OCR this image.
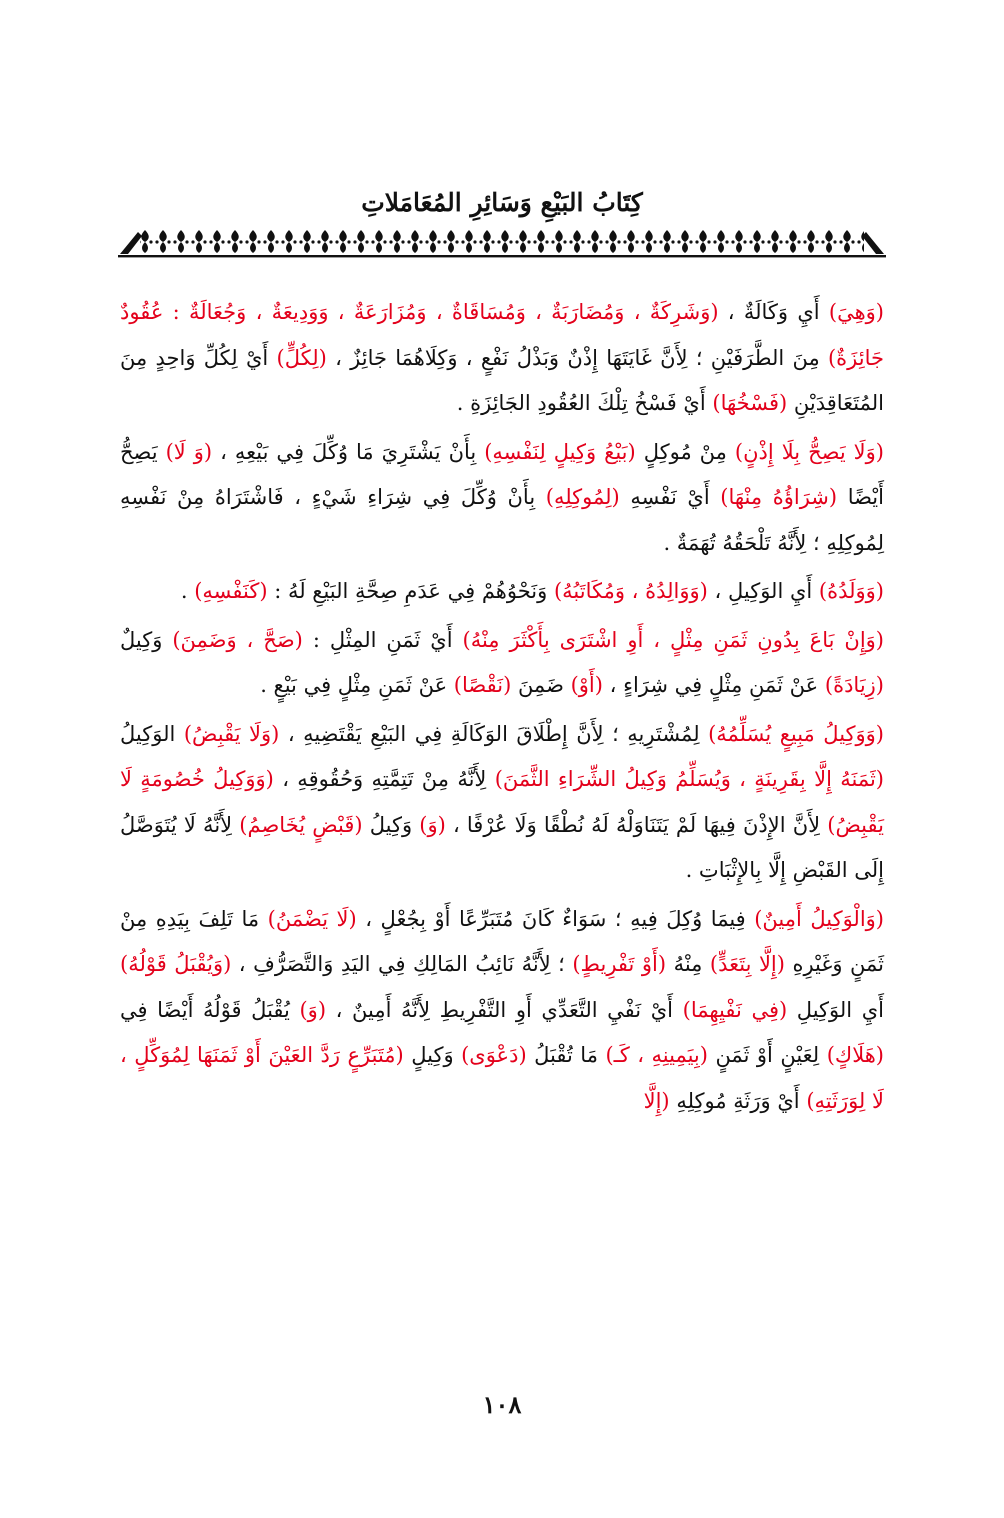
كِتَابُ البَيْعِ وَسَائِرِ المُعَامَلاتِ

(وَهِيَ) أَيِ وَكَالَةٌ ، (وَشَرِكَةٌ ، وَمُضَارَبَةٌ ، وَمُسَاقَاةٌ ، وَمُزَارَعَةٌ ، وَوَدِيعَةٌ ، وَجُعَالَةٌ : عُقُودٌ جَائِزَةٌ) مِنَ الطَّرَفَيْنِ ؛ لِأَنَّ غَايَتَهَا إِذْنٌ وَبَذْلُ نَفْعٍ ، وَكِلَاهُمَا جَائِزٌ ، (لِكُلٍّ) أَيْ لِكُلِّ وَاحِدٍ مِنَ المُتَعَاقِدَيْنِ (فَسْخُهَا) أَيْ فَسْخُ تِلْكَ العُقُودِ الجَائِزَةِ .

(وَلَا يَصِحُّ بِلَا إِذْنٍ) مِنْ مُوكِلٍ (بَيْعُ وَكِيلٍ لِنَفْسِهِ) بِأَنْ يَشْتَرِيَ مَا وُكِّلَ فِي بَيْعِهِ ، (وَ لَا) يَصِحُّ أَيْضًا (شِرَاؤُهُ مِنْهَا) أَيْ نَفْسِهِ (لِمُوكِلِهِ) بِأَنْ وُكِّلَ فِي شِرَاءِ شَيْءٍ ، فَاشْتَرَاهُ مِنْ نَفْسِهِ لِمُوكِلِهِ ؛ لِأَنَّهُ تَلْحَقُهُ تُهَمَةٌ .

(وَوَلَدُهُ) أَيِ الوَكِيلِ ، (وَوَالِدُهُ ، وَمُكَاتَبُهُ) وَنَحْوُهُمْ فِي عَدَمِ صِحَّةِ البَيْعِ لَهُ : (كَنَفْسِهِ) .

(وَإِنْ بَاعَ بِدُونِ ثَمَنِ مِثْلٍ ، أَوِ اشْتَرَى بِأَكْثَرَ مِنْهُ) أَيْ ثَمَنِ المِثْلِ : (صَحَّ ، وَضَمِنَ) وَكِيلٌ (زِيَادَةً) عَنْ ثَمَنِ مِثْلٍ فِي شِرَاءٍ ، (أَوْ) ضَمِنَ (نَقْصًا) عَنْ ثَمَنِ مِثْلٍ فِي بَيْعٍ .

(وَوَكِيلُ مَبِيعٍ يُسَلِّمُهُ) لِمُشْتَرِيهِ ؛ لِأَنَّ إِطْلَاقَ الوَكَالَةِ فِي البَيْعِ يَقْتَضِيهِ ، (وَلَا يَقْبِضُ) الوَكِيلُ (ثَمَنَهُ إِلَّا بِقَرِينَةٍ ، وَيُسَلِّمُ وَكِيلُ الشِّرَاءِ الثَّمَنَ) لِأَنَّهُ مِنْ تَتِمَّتِهِ وَحُقُوقِهِ ، (وَوَكِيلُ خُصُومَةٍ لَا يَقْبِضُ) لِأَنَّ الإِذْنَ فِيهَا لَمْ يَتَنَاوَلْهُ لَهُ نُطْقًا وَلَا عُرْفًا ، (وَ) وَكِيلُ (قَبْضٍ يُخَاصِمُ) لِأَنَّهُ لَا يُتَوَصَّلُ إِلَى القَبْضِ إِلَّا بِالإِثْبَاتِ .

(وَالْوَكِيلُ أَمِينٌ) فِيمَا وُكِلَ فِيهِ ؛ سَوَاءٌ كَانَ مُتَبَرِّعًا أَوْ بِجُعْلٍ ، (لَا يَضْمَنُ) مَا تَلِفَ بِيَدِهِ مِنْ ثَمَنٍ وَغَيْرِهِ (إِلَّا بِتَعَدٍّ) مِنْهُ (أَوْ تَفْرِيطٍ) ؛ لِأَنَّهُ نَائِبُ المَالِكِ فِي اليَدِ وَالتَّصَرُّفِ ، (وَيُقْبَلُ قَوْلُهُ) أَيِ الوَكِيلِ (فِي نَفْيِهِمَا) أَيْ نَفْيِ التَّعَدِّي أَوِ التَّفْرِيطِ لِأَنَّهُ أَمِينٌ ، (وَ) يُقْبَلُ قَوْلُهُ أَيْضًا فِي (هَلَاكٍ) لِعَيْنٍ أَوْ ثَمَنٍ (بِيَمِينِهِ ، كَـ) مَا تُقْبَلُ (دَعْوَى) وَكِيلٍ (مُتَبَرِّعٍ رَدَّ العَيْنَ أَوْ ثَمَنَهَا لِمُوَكِّلٍ ، لَا لِوَرَثَتِهِ) أَيْ وَرَثَةِ مُوكِلِهِ (إِلَّا

١٠٨
